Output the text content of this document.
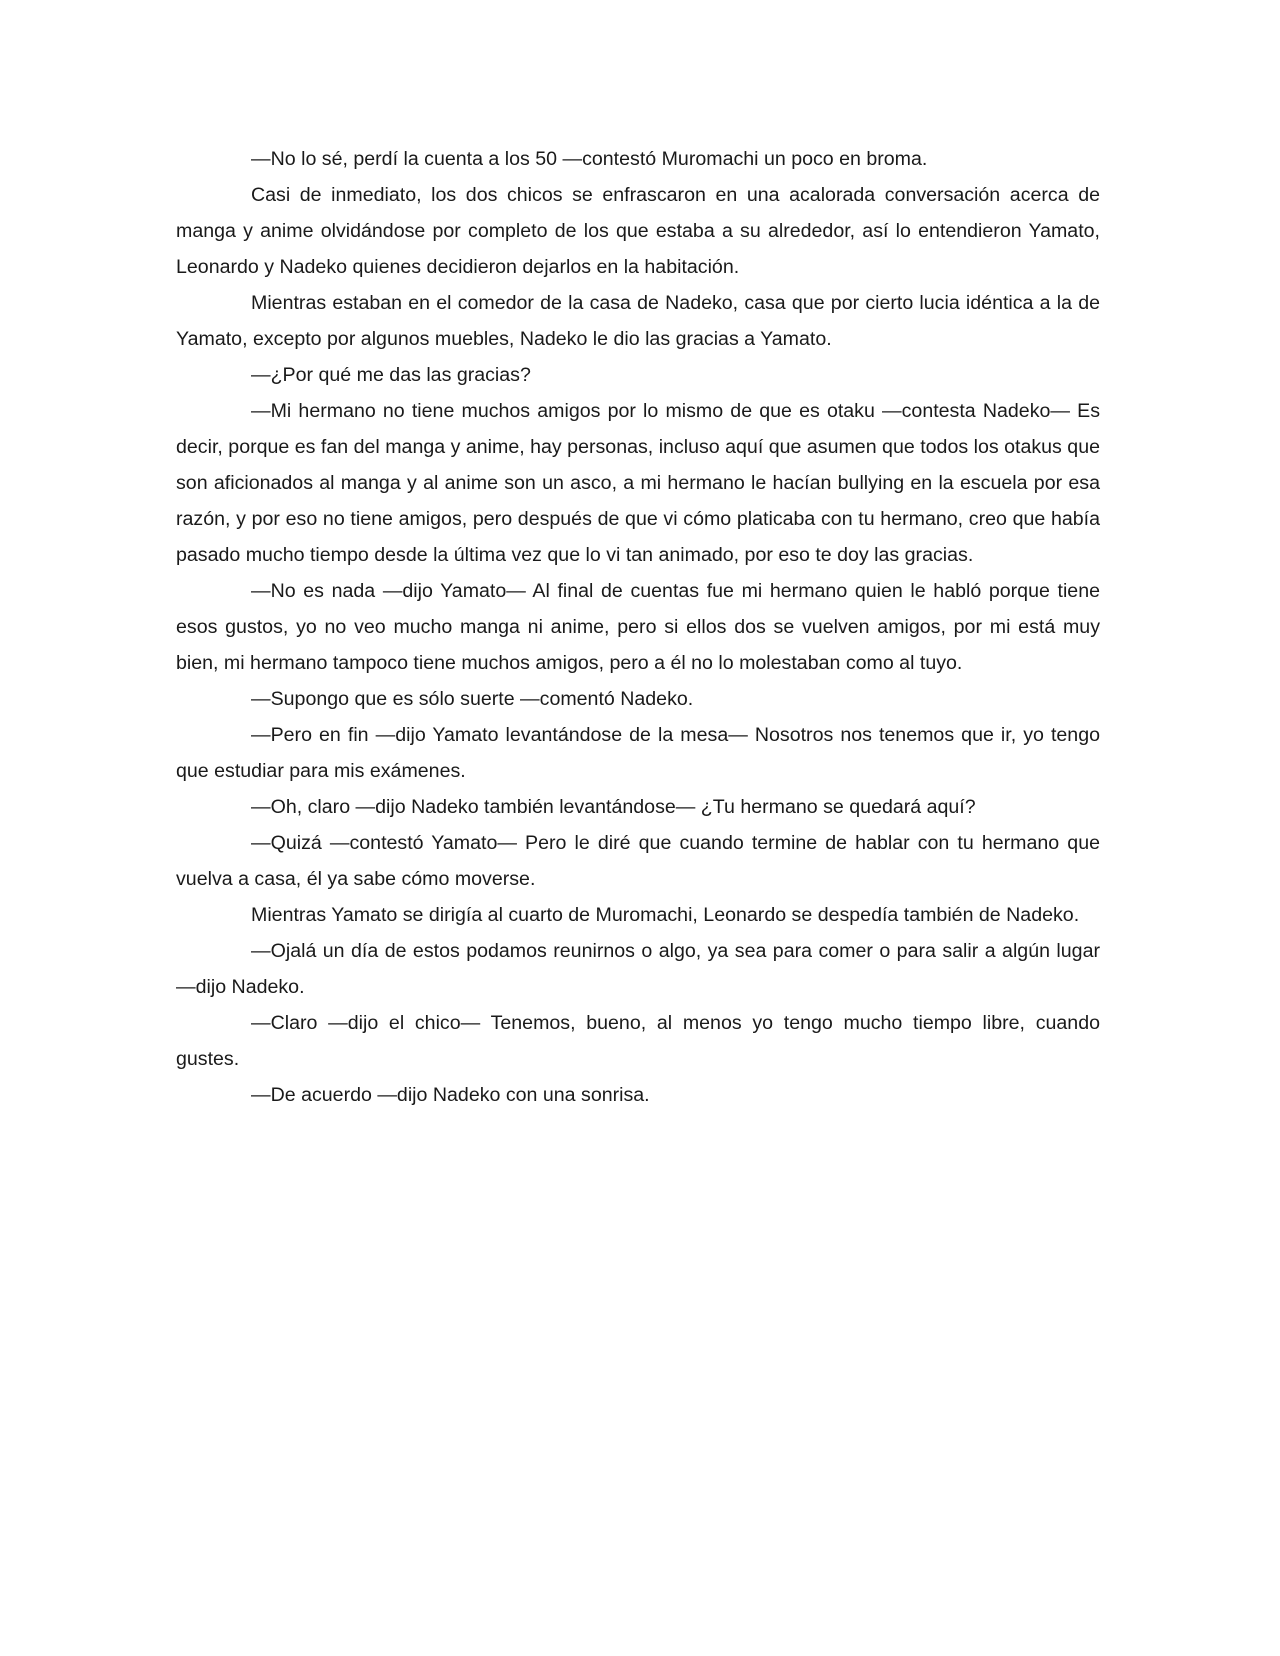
—No lo sé, perdí la cuenta a los 50 —contestó Muromachi un poco en broma.

Casi de inmediato, los dos chicos se enfrascaron en una acalorada conversación acerca de manga y anime olvidándose por completo de los que estaba a su alrededor, así lo entendieron Yamato, Leonardo y Nadeko quienes decidieron dejarlos en la habitación.

Mientras estaban en el comedor de la casa de Nadeko, casa que por cierto lucia idéntica a la de Yamato, excepto por algunos muebles, Nadeko le dio las gracias a Yamato.

—¿Por qué me das las gracias?

—Mi hermano no tiene muchos amigos por lo mismo de que es otaku —contesta Nadeko— Es decir, porque es fan del manga y anime, hay personas, incluso aquí que asumen que todos los otakus que son aficionados al manga y al anime son un asco, a mi hermano le hacían bullying en la escuela por esa razón, y por eso no tiene amigos, pero después de que vi cómo platicaba con tu hermano, creo que había pasado mucho tiempo desde la última vez que lo vi tan animado, por eso te doy las gracias.

—No es nada —dijo Yamato— Al final de cuentas fue mi hermano quien le habló porque tiene esos gustos, yo no veo mucho manga ni anime, pero si ellos dos se vuelven amigos, por mi está muy bien, mi hermano tampoco tiene muchos amigos, pero a él no lo molestaban como al tuyo.

—Supongo que es sólo suerte —comentó Nadeko.

—Pero en fin —dijo Yamato levantándose de la mesa— Nosotros nos tenemos que ir, yo tengo que estudiar para mis exámenes.

—Oh, claro —dijo Nadeko también levantándose— ¿Tu hermano se quedará aquí?

—Quizá —contestó Yamato— Pero le diré que cuando termine de hablar con tu hermano que vuelva a casa, él ya sabe cómo moverse.

Mientras Yamato se dirigía al cuarto de Muromachi, Leonardo se despedía también de Nadeko.

—Ojalá un día de estos podamos reunirnos o algo, ya sea para comer o para salir a algún lugar —dijo Nadeko.

—Claro —dijo el chico— Tenemos, bueno, al menos yo tengo mucho tiempo libre, cuando gustes.

—De acuerdo —dijo Nadeko con una sonrisa.
